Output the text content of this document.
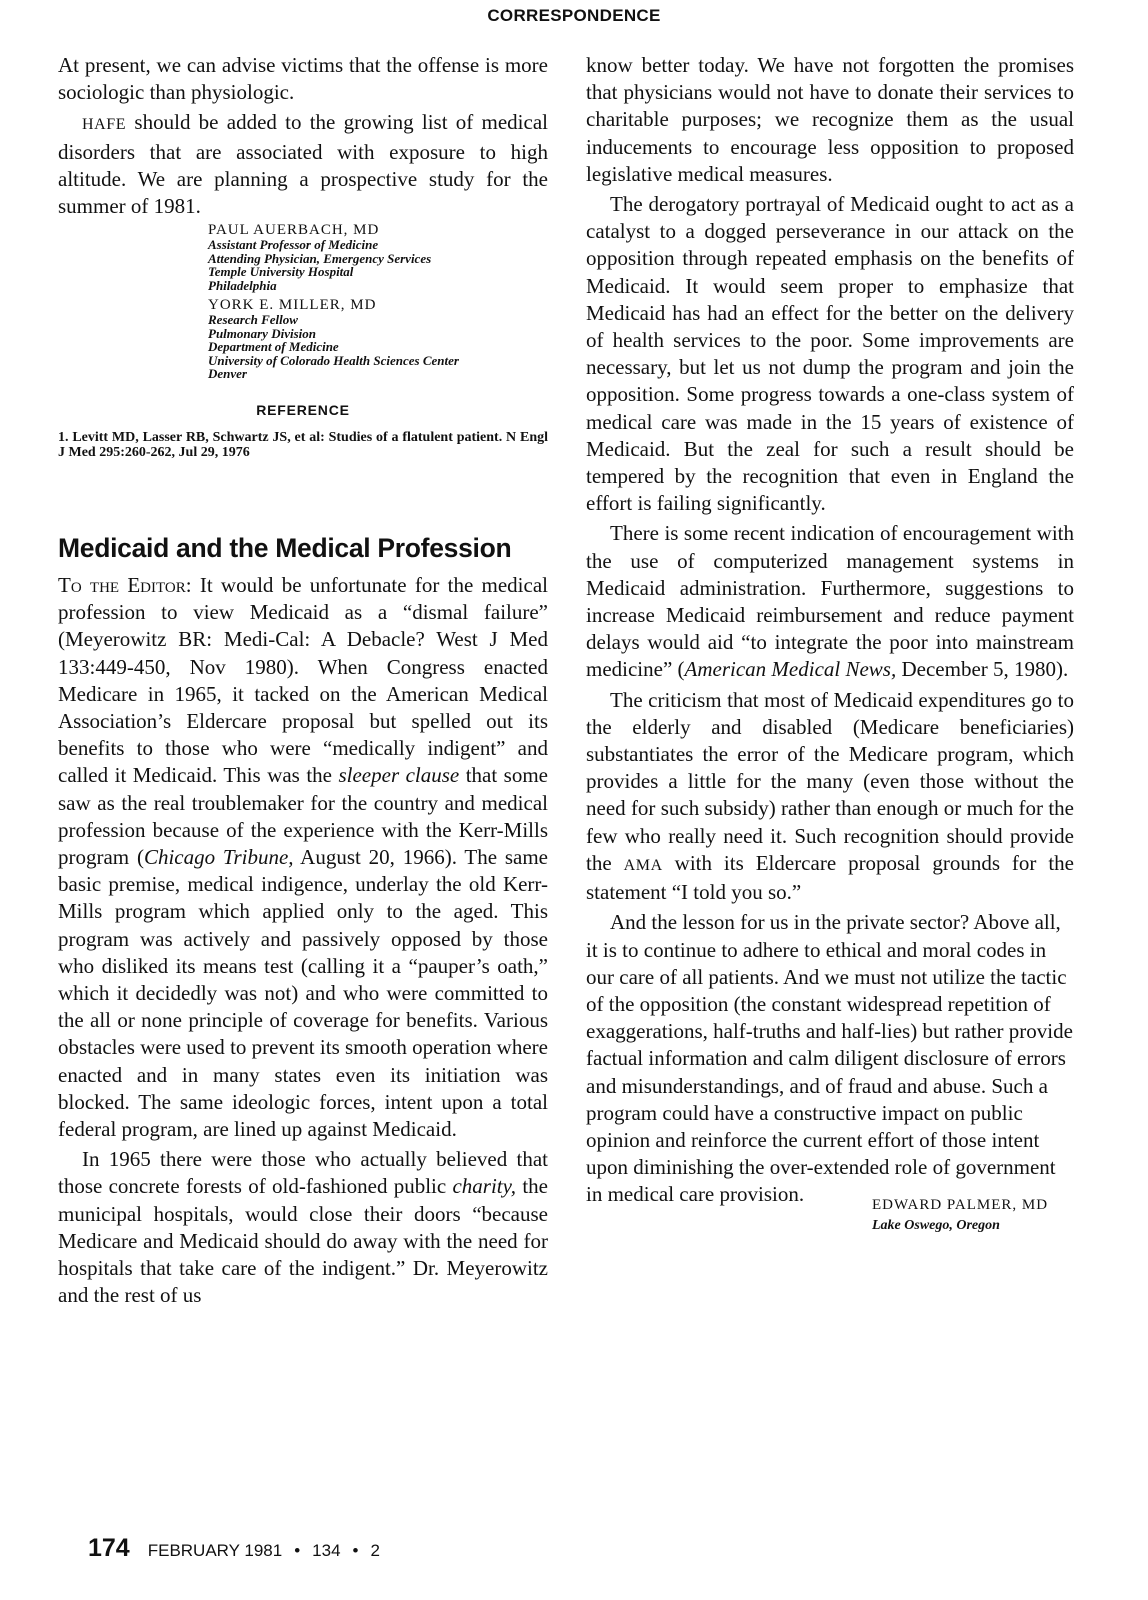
CORRESPONDENCE

At present, we can advise victims that the offense is more sociologic than physiologic.

HAFE should be added to the growing list of medical disorders that are associated with exposure to high altitude. We are planning a prospective study for the summer of 1981.

PAUL AUERBACH, MD
Assistant Professor of Medicine
Attending Physician, Emergency Services
Temple University Hospital
Philadelphia
YORK E. MILLER, MD
Research Fellow
Pulmonary Division
Department of Medicine
University of Colorado Health Sciences Center
Denver
REFERENCE
1. Levitt MD, Lasser RB, Schwartz JS, et al: Studies of a flatulent patient. N Engl J Med 295:260-262, Jul 29, 1976
Medicaid and the Medical Profession

To the Editor: It would be unfortunate for the medical profession to view Medicaid as a “dismal failure” (Meyerowitz BR: Medi-Cal: A Debacle? West J Med 133:449-450, Nov 1980). When Congress enacted Medicare in 1965, it tacked on the American Medical Association’s Eldercare proposal but spelled out its benefits to those who were “medically indigent” and called it Medicaid. This was the sleeper clause that some saw as the real troublemaker for the country and medical profession because of the experience with the Kerr-Mills program (Chicago Tribune, August 20, 1966). The same basic premise, medical indigence, underlay the old Kerr-Mills program which applied only to the aged. This program was actively and passively opposed by those who disliked its means test (calling it a “pauper’s oath,” which it decidedly was not) and who were committed to the all or none principle of coverage for benefits. Various obstacles were used to prevent its smooth operation where enacted and in many states even its initiation was blocked. The same ideologic forces, intent upon a total federal program, are lined up against Medicaid.

In 1965 there were those who actually believed that those concrete forests of old-fashioned public charity, the municipal hospitals, would close their doors “because Medicare and Medicaid should do away with the need for hospitals that take care of the indigent.” Dr. Meyerowitz and the rest of us

know better today. We have not forgotten the promises that physicians would not have to donate their services to charitable purposes; we recognize them as the usual inducements to encourage less opposition to proposed legislative medical measures.

The derogatory portrayal of Medicaid ought to act as a catalyst to a dogged perseverance in our attack on the opposition through repeated emphasis on the benefits of Medicaid. It would seem proper to emphasize that Medicaid has had an effect for the better on the delivery of health services to the poor. Some improvements are necessary, but let us not dump the program and join the opposition. Some progress towards a one-class system of medical care was made in the 15 years of existence of Medicaid. But the zeal for such a result should be tempered by the recognition that even in England the effort is failing significantly.

There is some recent indication of encouragement with the use of computerized management systems in Medicaid administration. Furthermore, suggestions to increase Medicaid reimbursement and reduce payment delays would aid “to integrate the poor into mainstream medicine” (American Medical News, December 5, 1980).

The criticism that most of Medicaid expenditures go to the elderly and disabled (Medicare beneficiaries) substantiates the error of the Medicare program, which provides a little for the many (even those without the need for such subsidy) rather than enough or much for the few who really need it. Such recognition should provide the AMA with its Eldercare proposal grounds for the statement “I told you so.”

And the lesson for us in the private sector? Above all, it is to continue to adhere to ethical and moral codes in our care of all patients. And we must not utilize the tactic of the opposition (the constant widespread repetition of exaggerations, half-truths and half-lies) but rather provide factual information and calm diligent disclosure of errors and misunderstandings, and of fraud and abuse. Such a program could have a constructive impact on public opinion and reinforce the current effort of those intent upon diminishing the over-extended role of government in medical care provision.	EDWARD PALMER, MD
Lake Oswego, Oregon
174 FEBRUARY 1981 • 134 • 2
